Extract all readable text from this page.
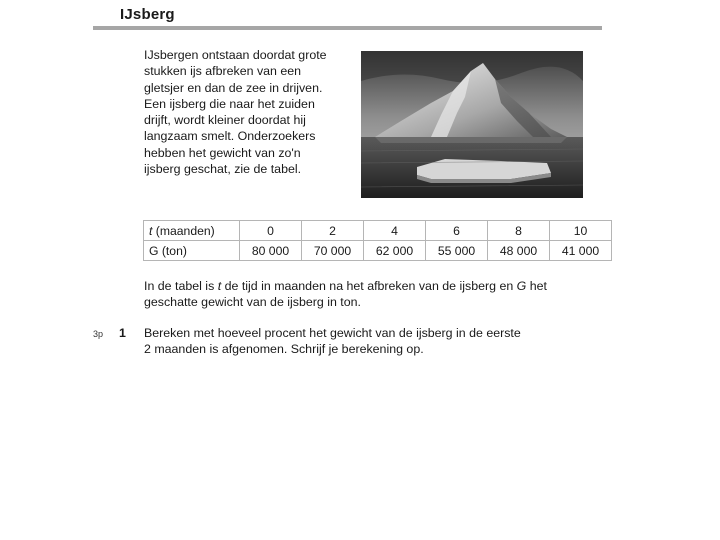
IJsberg
IJsbergen ontstaan doordat grote
stukken ijs afbreken van een
gletsjer en dan de zee in drijven.
Een ijsberg die naar het zuiden
drijft, wordt kleiner doordat hij
langzaam smelt. Onderzoekers
hebben het gewicht van zo'n
ijsberg geschat, zie de tabel.
t (maanden)	0	2	4	6	8	10
G (ton)	80 000	70 000	62 000	55 000	48 000	41 000
In de tabel is t de tijd in maanden na het afbreken van de ijsberg en G het
geschatte gewicht van de ijsberg in ton.
3p 1 Bereken met hoeveel procent het gewicht van de ijsberg in de eerste
2 maanden is afgenomen. Schrijf je berekening op.
